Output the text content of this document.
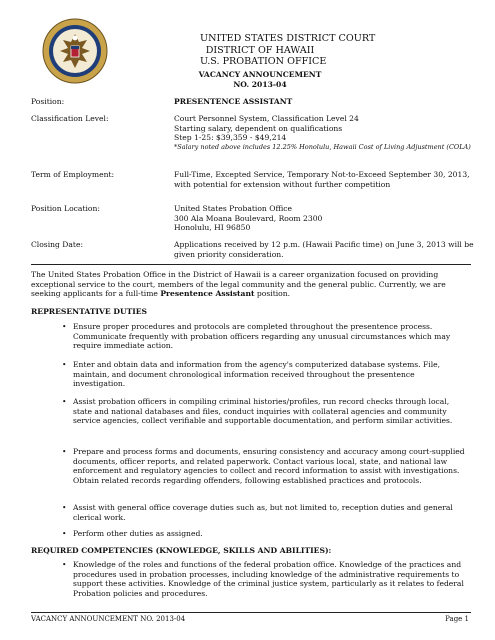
UNITED STATES DISTRICT COURT
DISTRICT OF HAWAII
U.S. PROBATION OFFICE
VACANCY ANNOUNCEMENT
NO. 2013-04
Position:	PRESENTENCE ASSISTANT
Classification Level:	Court Personnel System, Classification Level 24
Starting salary, dependent on qualifications
Step 1-25: $39,359 - $49,214
*Salary noted above includes 12.25% Honolulu, Hawaii Cost of Living Adjustment (COLA)
Term of Employment:	Full-Time, Excepted Service, Temporary Not-to-Exceed September 30, 2013, with potential for extension without further competition
Position Location:	United States Probation Office
300 Ala Moana Boulevard, Room 2300
Honolulu, HI 96850
Closing Date:	Applications received by 12 p.m. (Hawaii Pacific time) on June 3, 2013 will be given priority consideration.
The United States Probation Office in the District of Hawaii is a career organization focused on providing exceptional service to the court, members of the legal community and the general public. Currently, we are seeking applicants for a full-time Presentence Assistant position.
REPRESENTATIVE DUTIES
• Ensure proper procedures and protocols are completed throughout the presentence process. Communicate frequently with probation officers regarding any unusual circumstances which may require immediate action.
• Enter and obtain data and information from the agency's computerized database systems. File, maintain, and document chronological information received throughout the presentence investigation.
• Assist probation officers in compiling criminal histories/profiles, run record checks through local, state and national databases and files, conduct inquiries with collateral agencies and community service agencies, collect verifiable and supportable documentation, and perform similar activities.
• Prepare and process forms and documents, ensuring consistency and accuracy among court-supplied documents, officer reports, and related paperwork. Contact various local, state, and national law enforcement and regulatory agencies to collect and record information to assist with investigations. Obtain related records regarding offenders, following established practices and protocols.
• Assist with general office coverage duties such as, but not limited to, reception duties and general clerical work.
• Perform other duties as assigned.
REQUIRED COMPETENCIES (KNOWLEDGE, SKILLS AND ABILITIES):
• Knowledge of the roles and functions of the federal probation office. Knowledge of the practices and procedures used in probation processes, including knowledge of the administrative requirements to support these activities. Knowledge of the criminal justice system, particularly as it relates to federal Probation policies and procedures.
VACANCY ANNOUNCEMENT NO. 2013-04	Page 1
